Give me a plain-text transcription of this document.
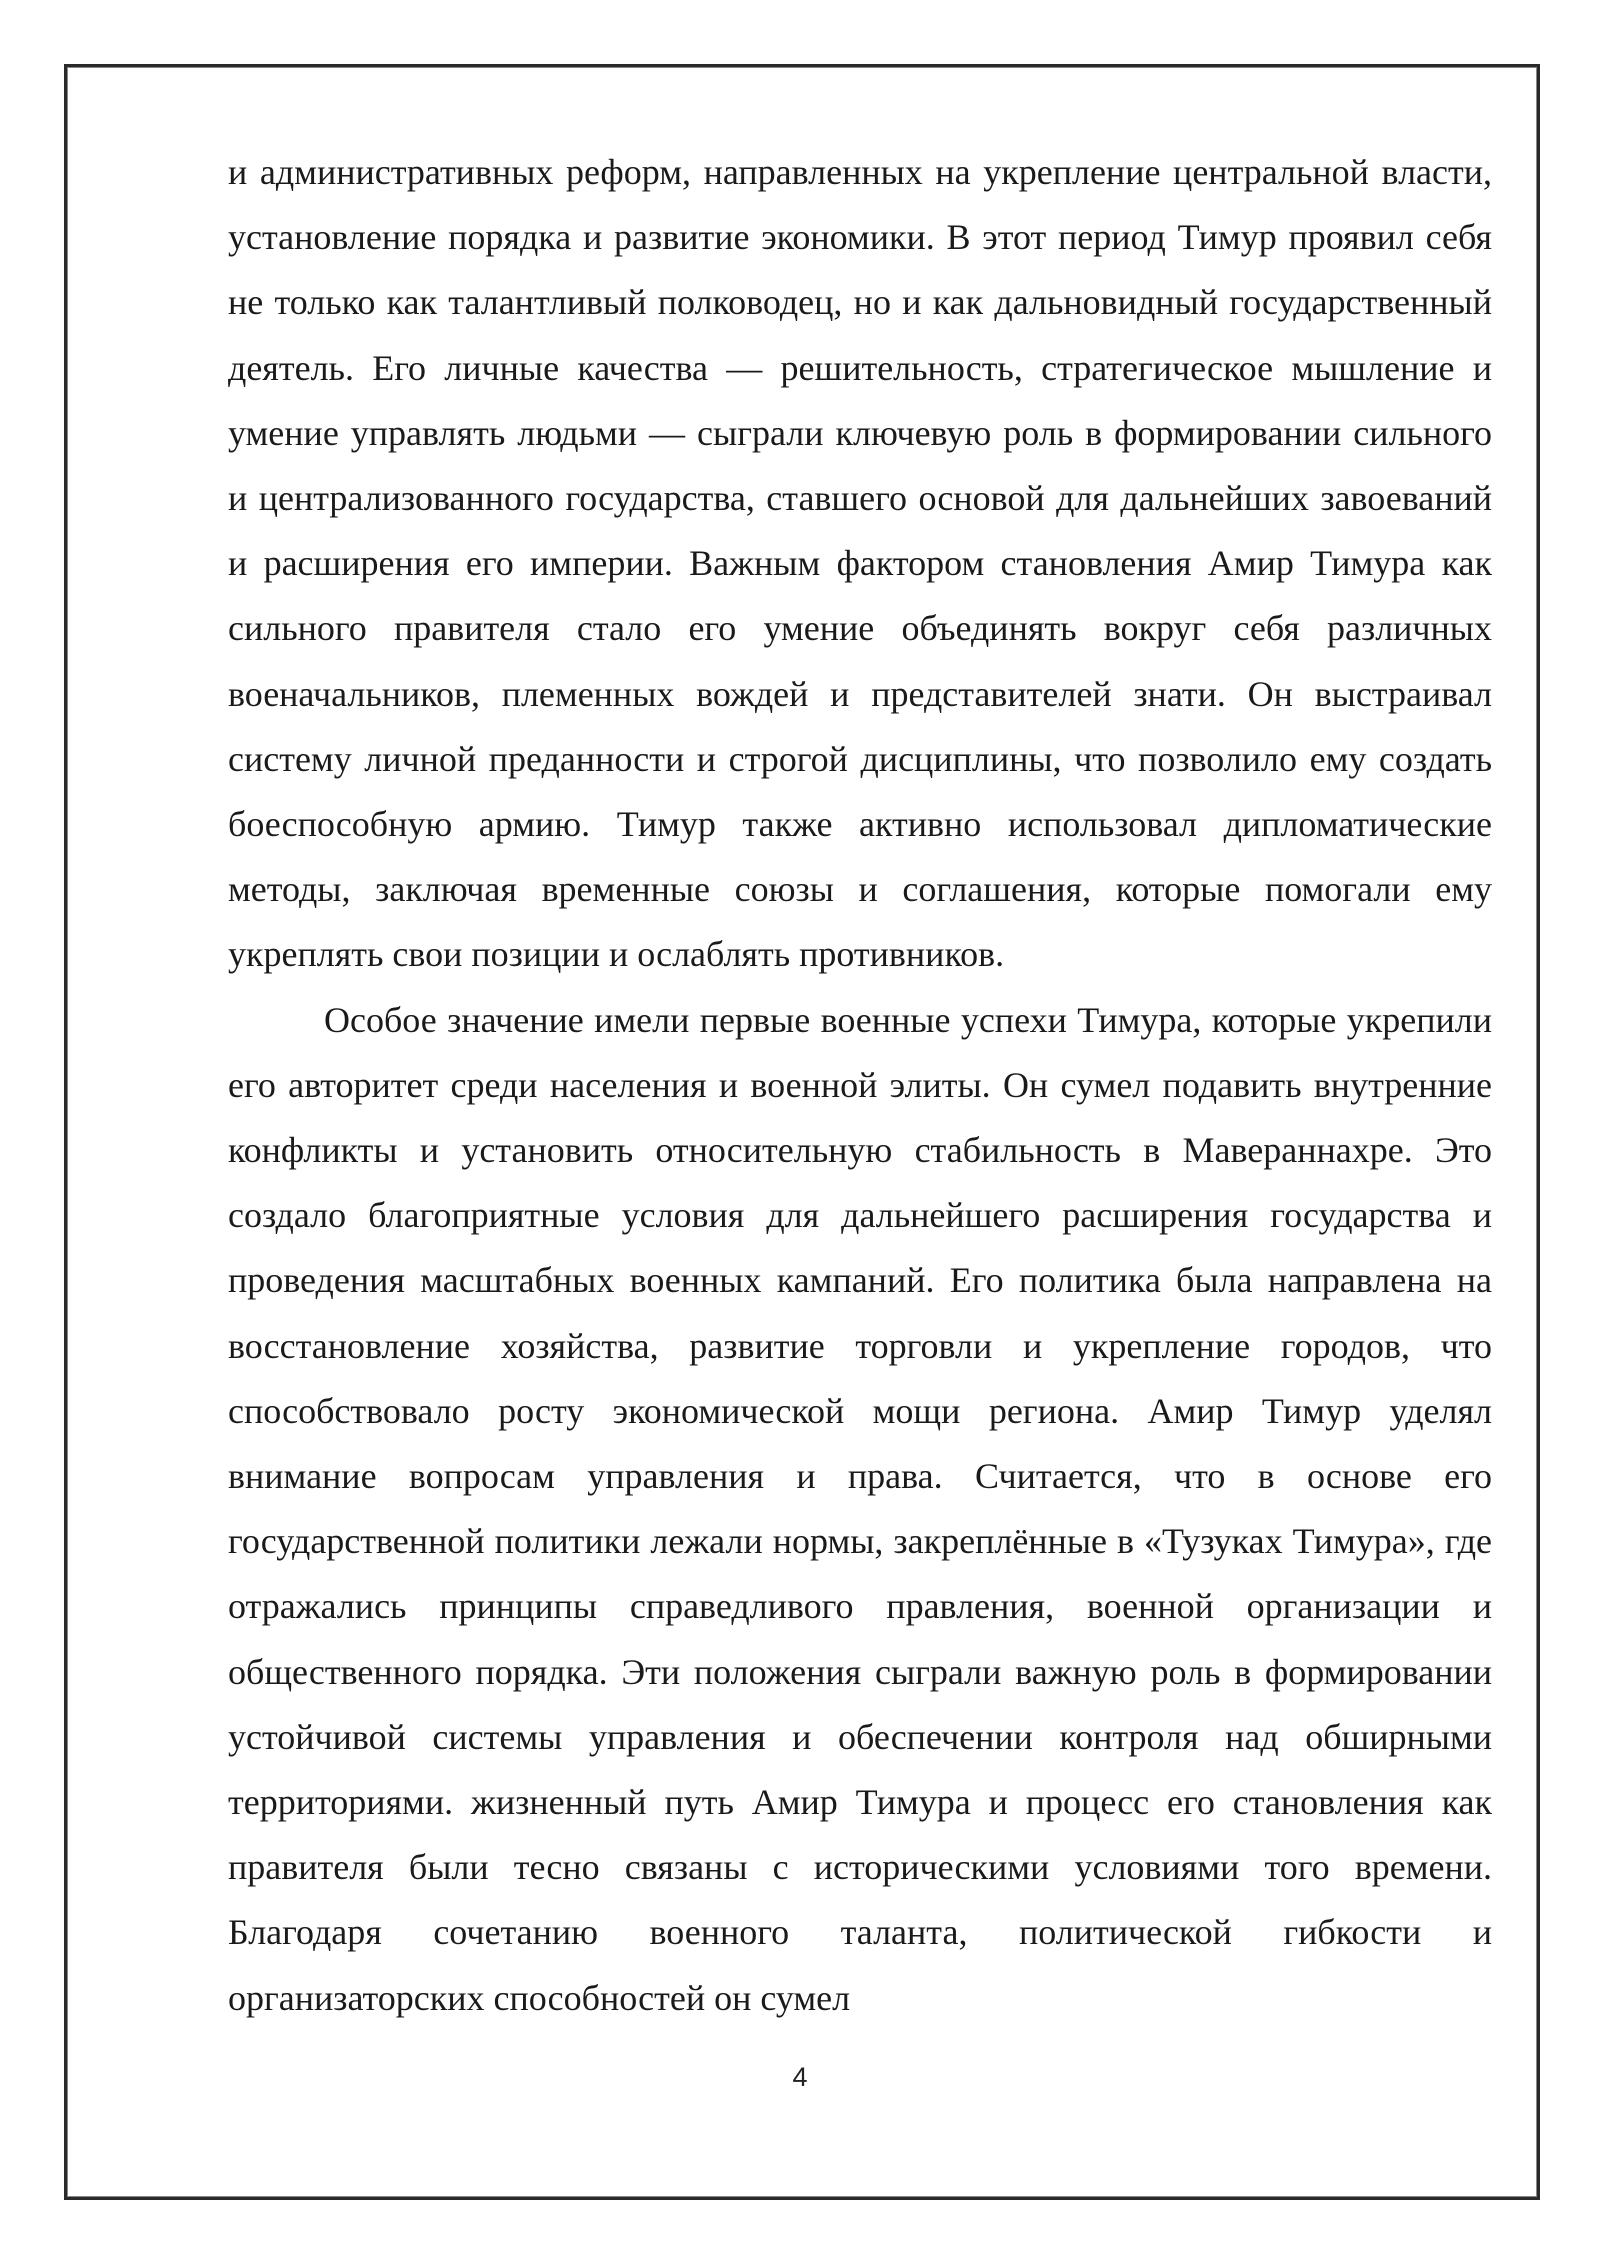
и административных реформ, направленных на укрепление центральной власти, установление порядка и развитие экономики. В этот период Тимур проявил себя не только как талантливый полководец, но и как дальновидный государственный деятель. Его личные качества — решительность, стратегическое мышление и умение управлять людьми — сыграли ключевую роль в формировании сильного и централизованного государства, ставшего основой для дальнейших завоеваний и расширения его империи. Важным фактором становления Амир Тимура как сильного правителя стало его умение объединять вокруг себя различных военачальников, племенных вождей и представителей знати. Он выстраивал систему личной преданности и строгой дисциплины, что позволило ему создать боеспособную армию. Тимур также активно использовал дипломатические методы, заключая временные союзы и соглашения, которые помогали ему укреплять свои позиции и ослаблять противников.

Особое значение имели первые военные успехи Тимура, которые укрепили его авторитет среди населения и военной элиты. Он сумел подавить внутренние конфликты и установить относительную стабильность в Мавераннахре. Это создало благоприятные условия для дальнейшего расширения государства и проведения масштабных военных кампаний. Его политика была направлена на восстановление хозяйства, развитие торговли и укрепление городов, что способствовало росту экономической мощи региона. Амир Тимур уделял внимание вопросам управления и права. Считается, что в основе его государственной политики лежали нормы, закреплённые в «Тузуках Тимура», где отражались принципы справедливого правления, военной организации и общественного порядка. Эти положения сыграли важную роль в формировании устойчивой системы управления и обеспечении контроля над обширными территориями. жизненный путь Амир Тимура и процесс его становления как правителя были тесно связаны с историческими условиями того времени. Благодаря сочетанию военного таланта, политической гибкости и организаторских способностей он сумел

4
